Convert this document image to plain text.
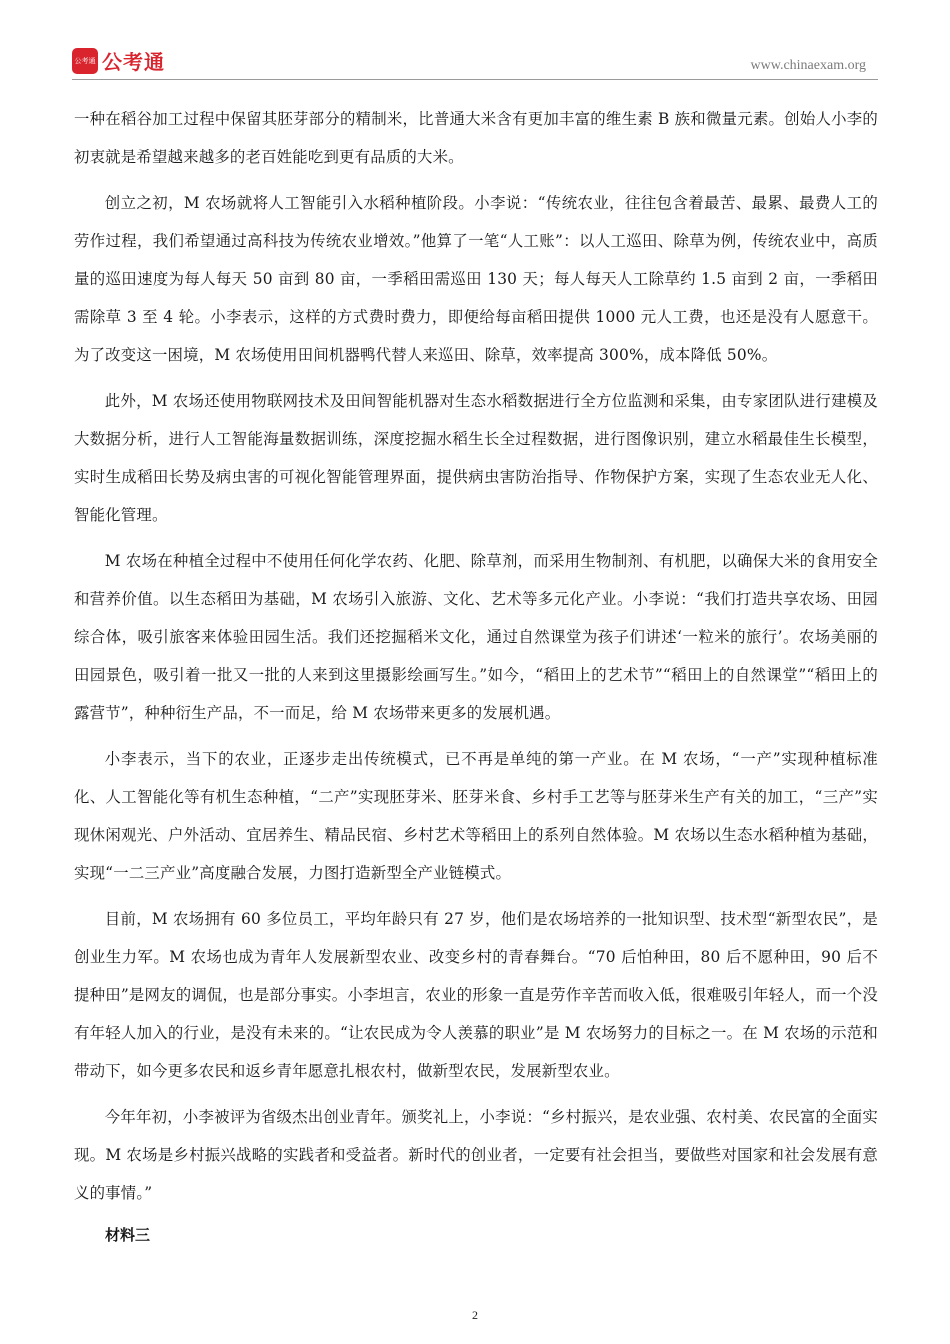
公考通 公考通	www.chinaexam.org

一种在稻谷加工过程中保留其胚芽部分的精制米，比普通大米含有更加丰富的维生素 B 族和微量元素。创始人小李的初衷就是希望越来越多的老百姓能吃到更有品质的大米。

创立之初，M 农场就将人工智能引入水稻种植阶段。小李说：“传统农业，往往包含着最苦、最累、最费人工的劳作过程，我们希望通过高科技为传统农业增效。”他算了一笔“人工账”：以人工巡田、除草为例，传统农业中，高质量的巡田速度为每人每天 50 亩到 80 亩，一季稻田需巡田 130 天；每人每天人工除草约 1.5 亩到 2 亩，一季稻田需除草 3 至 4 轮。小李表示，这样的方式费时费力，即便给每亩稻田提供 1000 元人工费，也还是没有人愿意干。为了改变这一困境，M 农场使用田间机器鸭代替人来巡田、除草，效率提高 300%，成本降低 50%。

此外，M 农场还使用物联网技术及田间智能机器对生态水稻数据进行全方位监测和采集，由专家团队进行建模及大数据分析，进行人工智能海量数据训练，深度挖掘水稻生长全过程数据，进行图像识别，建立水稻最佳生长模型，实时生成稻田长势及病虫害的可视化智能管理界面，提供病虫害防治指导、作物保护方案，实现了生态农业无人化、智能化管理。

M 农场在种植全过程中不使用任何化学农药、化肥、除草剂，而采用生物制剂、有机肥，以确保大米的食用安全和营养价值。以生态稻田为基础，M 农场引入旅游、文化、艺术等多元化产业。小李说：“我们打造共享农场、田园综合体，吸引旅客来体验田园生活。我们还挖掘稻米文化，通过自然课堂为孩子们讲述‘一粒米的旅行’。农场美丽的田园景色，吸引着一批又一批的人来到这里摄影绘画写生。”如今，“稻田上的艺术节”“稻田上的自然课堂”“稻田上的露营节”，种种衍生产品，不一而足，给 M 农场带来更多的发展机遇。

小李表示，当下的农业，正逐步走出传统模式，已不再是单纯的第一产业。在 M 农场，“一产”实现种植标准化、人工智能化等有机生态种植，“二产”实现胚芽米、胚芽米食、乡村手工艺等与胚芽米生产有关的加工，“三产”实现休闲观光、户外活动、宜居养生、精品民宿、乡村艺术等稻田上的系列自然体验。M 农场以生态水稻种植为基础，实现“一二三产业”高度融合发展，力图打造新型全产业链模式。

目前，M 农场拥有 60 多位员工，平均年龄只有 27 岁，他们是农场培养的一批知识型、技术型“新型农民”，是创业生力军。M 农场也成为青年人发展新型农业、改变乡村的青春舞台。“70 后怕种田，80 后不愿种田，90 后不提种田”是网友的调侃，也是部分事实。小李坦言，农业的形象一直是劳作辛苦而收入低，很难吸引年轻人，而一个没有年轻人加入的行业，是没有未来的。“让农民成为令人羡慕的职业”是 M 农场努力的目标之一。在 M 农场的示范和带动下，如今更多农民和返乡青年愿意扎根农村，做新型农民，发展新型农业。

今年年初，小李被评为省级杰出创业青年。颁奖礼上，小李说：“乡村振兴，是农业强、农村美、农民富的全面实现。M 农场是乡村振兴战略的实践者和受益者。新时代的创业者，一定要有社会担当，要做些对国家和社会发展有意义的事情。”

材料三
2
